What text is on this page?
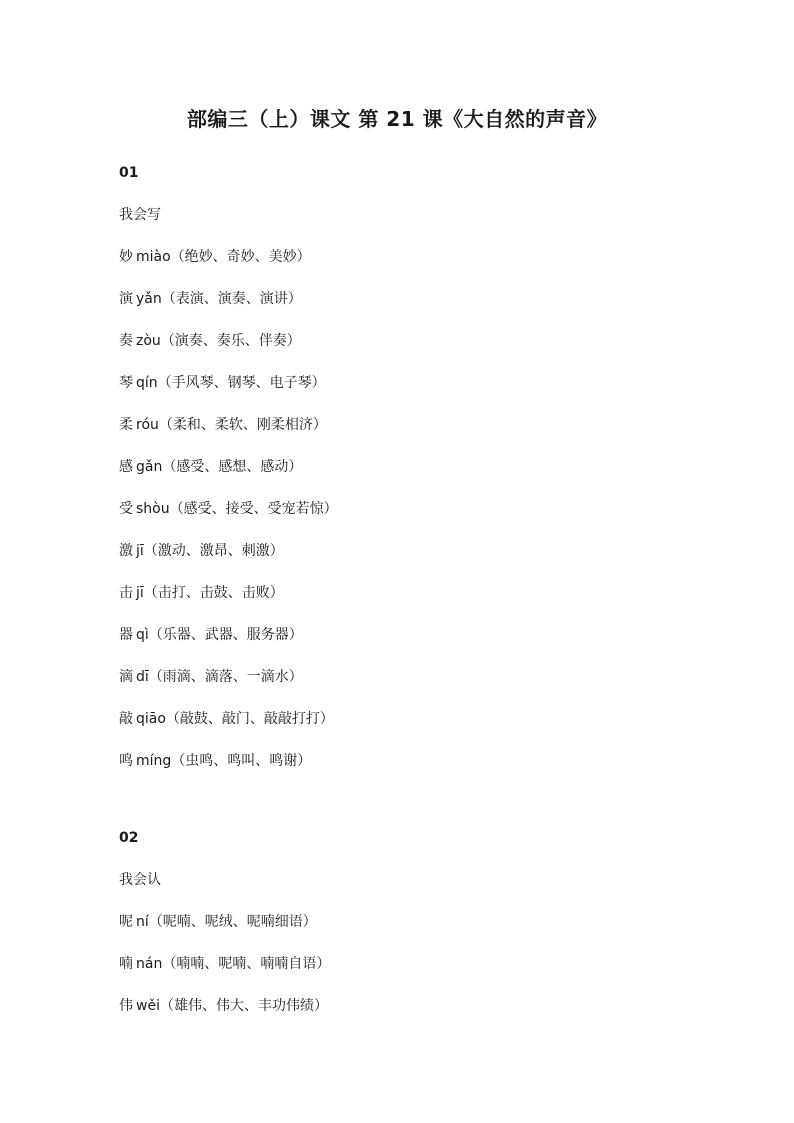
部编三（上）课文 第 21 课《大自然的声音》
01
我会写
妙 miào（绝妙、奇妙、美妙）
演 yǎn（表演、演奏、演讲）
奏 zòu（演奏、奏乐、伴奏）
琴 qín（手风琴、钢琴、电子琴）
柔 róu（柔和、柔软、刚柔相济）
感 gǎn（感受、感想、感动）
受 shòu（感受、接受、受宠若惊）
激 jī（激动、激昂、刺激）
击 jī（击打、击鼓、击败）
器 qì（乐器、武器、服务器）
滴 dī（雨滴、滴落、一滴水）
敲 qiāo（敲鼓、敲门、敲敲打打）
鸣 míng（虫鸣、鸣叫、鸣谢）
02
我会认
呢 ní（呢喃、呢绒、呢喃细语）
喃 nán（喃喃、呢喃、喃喃自语）
伟 wěi（雄伟、伟大、丰功伟绩）
